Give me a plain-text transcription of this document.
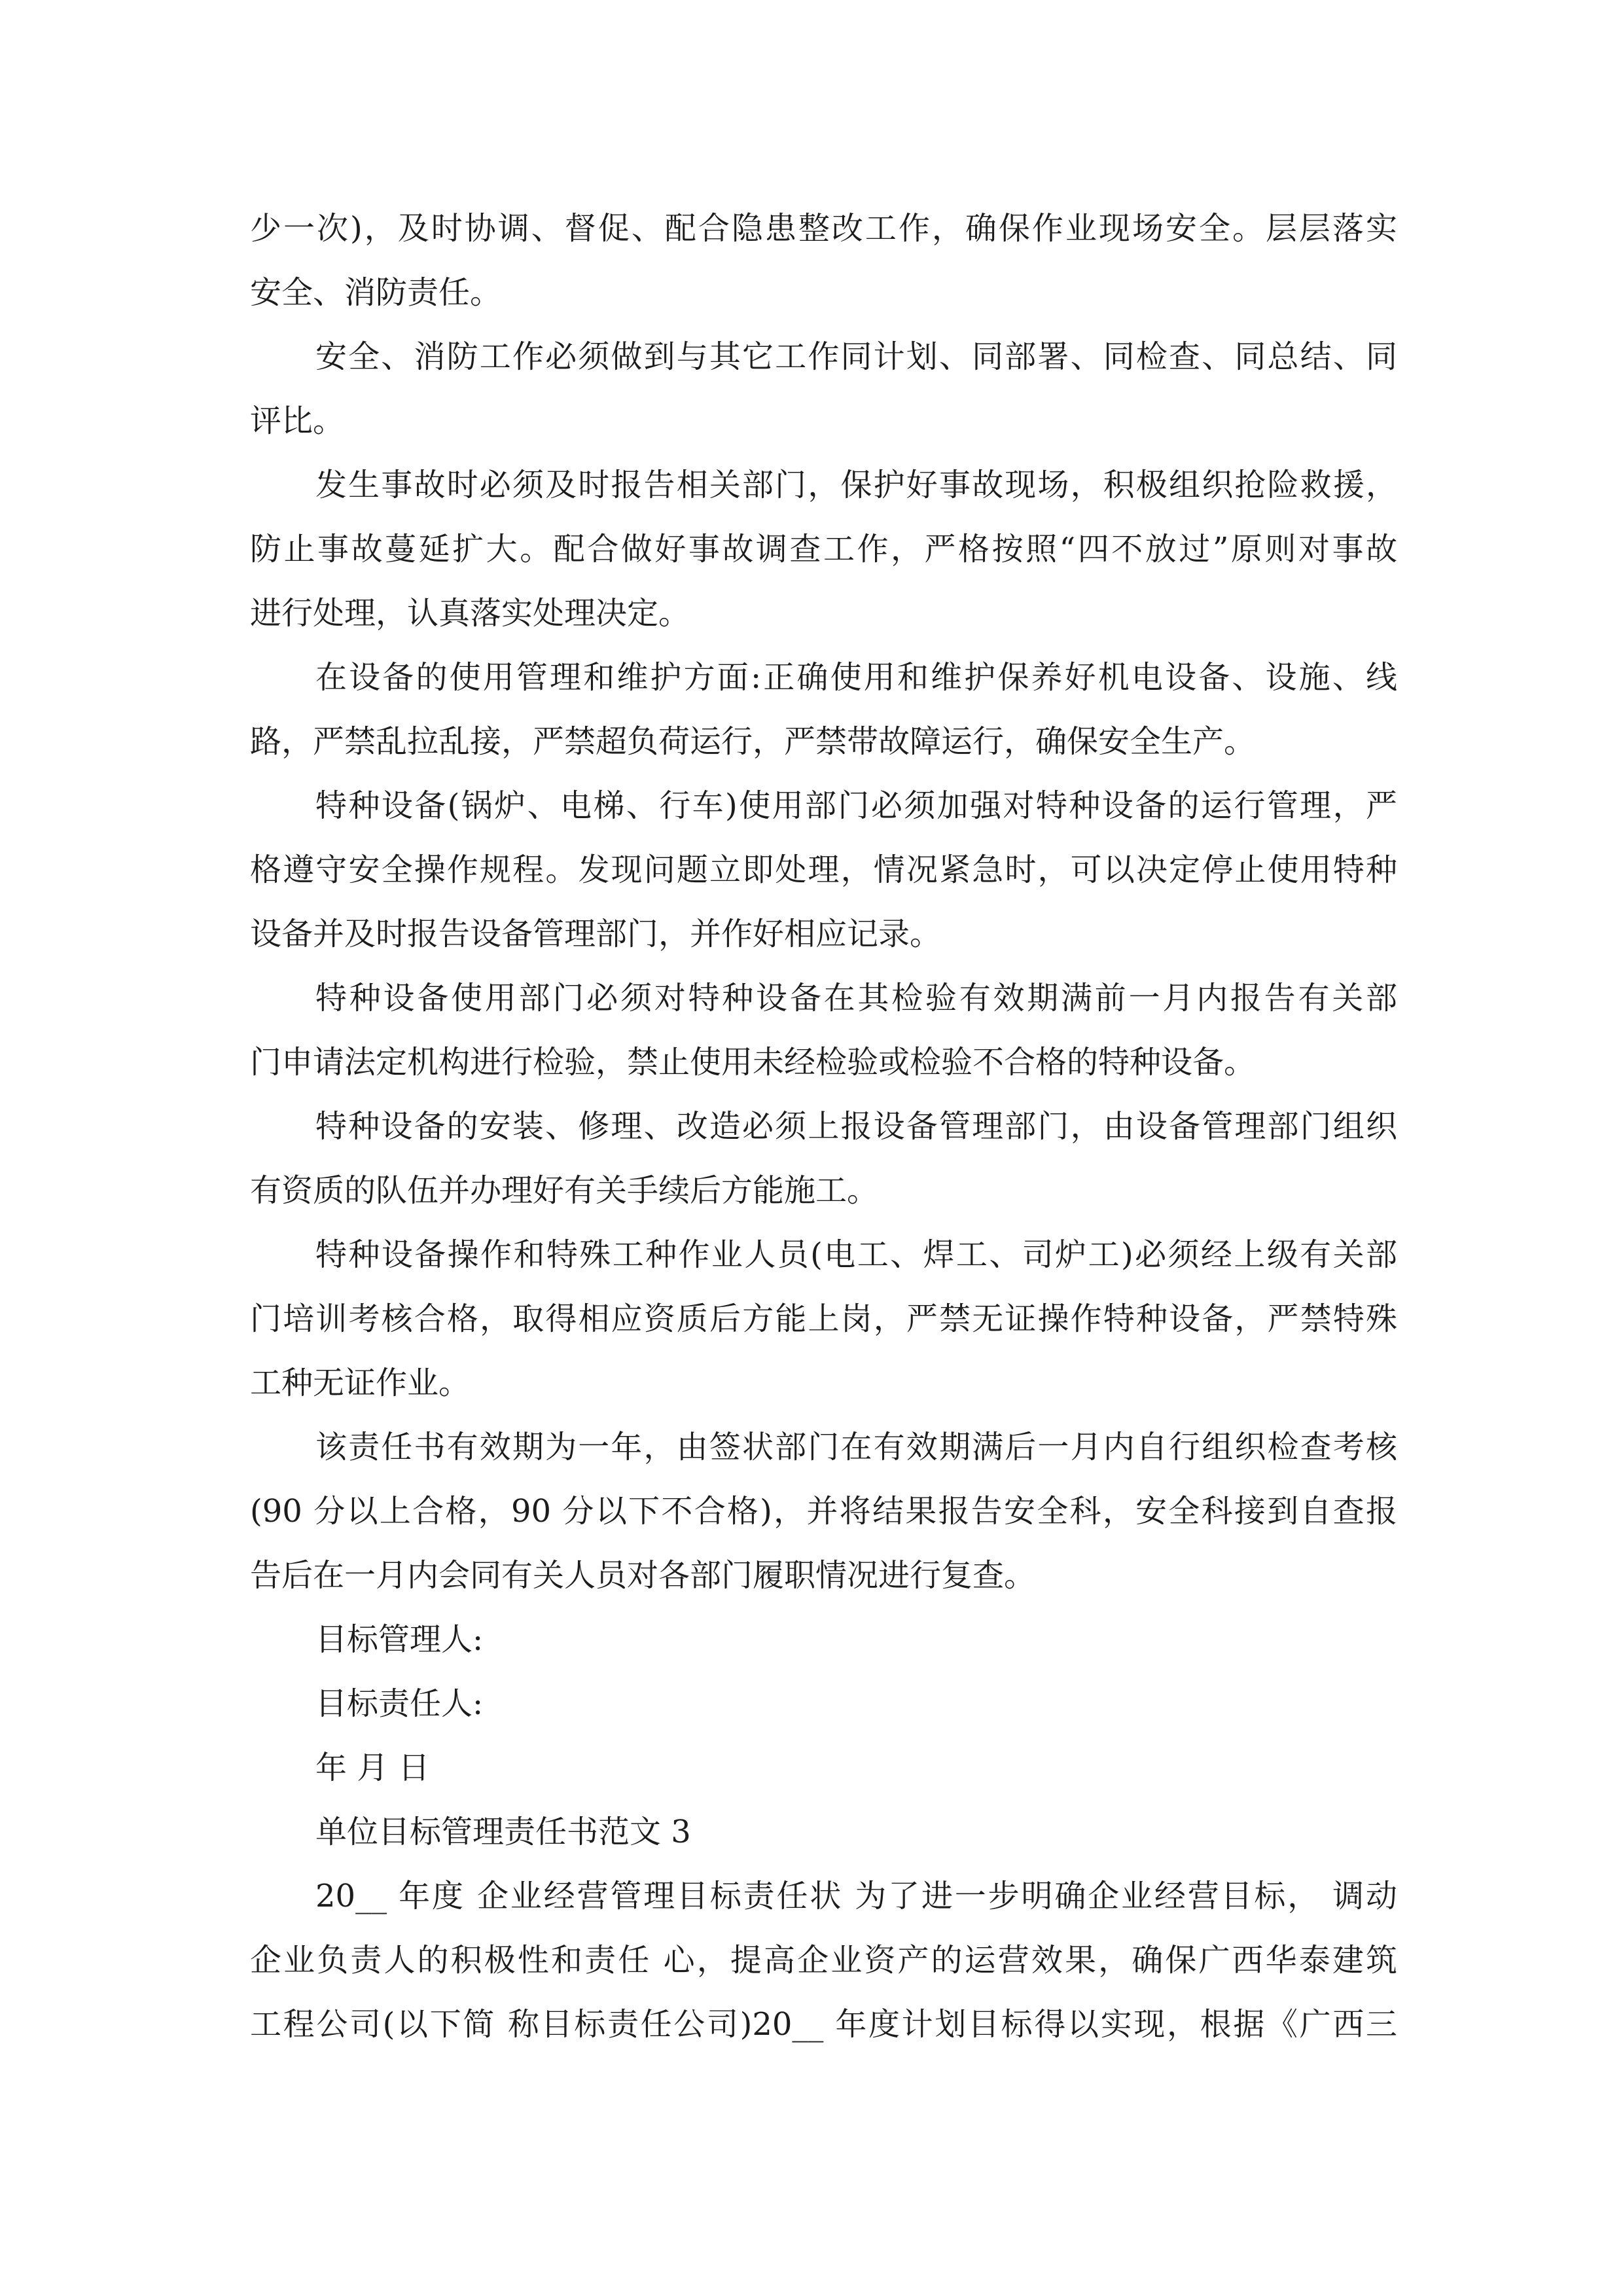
少一次)，及时协调、督促、配合隐患整改工作，确保作业现场安全。层层落实
安全、消防责任。
安全、消防工作必须做到与其它工作同计划、同部署、同检查、同总结、同
评比。
发生事故时必须及时报告相关部门，保护好事故现场，积极组织抢险救援，
防止事故蔓延扩大。配合做好事故调查工作，严格按照“四不放过”原则对事故
进行处理，认真落实处理决定。
在设备的使用管理和维护方面:正确使用和维护保养好机电设备、设施、线
路，严禁乱拉乱接，严禁超负荷运行，严禁带故障运行，确保安全生产。
特种设备(锅炉、电梯、行车)使用部门必须加强对特种设备的运行管理，严
格遵守安全操作规程。发现问题立即处理，情况紧急时，可以决定停止使用特种
设备并及时报告设备管理部门，并作好相应记录。
特种设备使用部门必须对特种设备在其检验有效期满前一月内报告有关部
门申请法定机构进行检验，禁止使用未经检验或检验不合格的特种设备。
特种设备的安装、修理、改造必须上报设备管理部门，由设备管理部门组织
有资质的队伍并办理好有关手续后方能施工。
特种设备操作和特殊工种作业人员(电工、焊工、司炉工)必须经上级有关部
门培训考核合格，取得相应资质后方能上岗，严禁无证操作特种设备，严禁特殊
工种无证作业。
该责任书有效期为一年，由签状部门在有效期满后一月内自行组织检查考核
(90 分以上合格，90 分以下不合格)，并将结果报告安全科，安全科接到自查报
告后在一月内会同有关人员对各部门履职情况进行复查。
目标管理人:
目标责任人:
年 月 日
单位目标管理责任书范文 3
20__ 年度 企业经营管理目标责任状 为了进一步明确企业经营目标， 调动
企业负责人的积极性和责任 心，提高企业资产的运营效果，确保广西华泰建筑
工程公司(以下简 称目标责任公司)20__ 年度计划目标得以实现，根据《广西三
